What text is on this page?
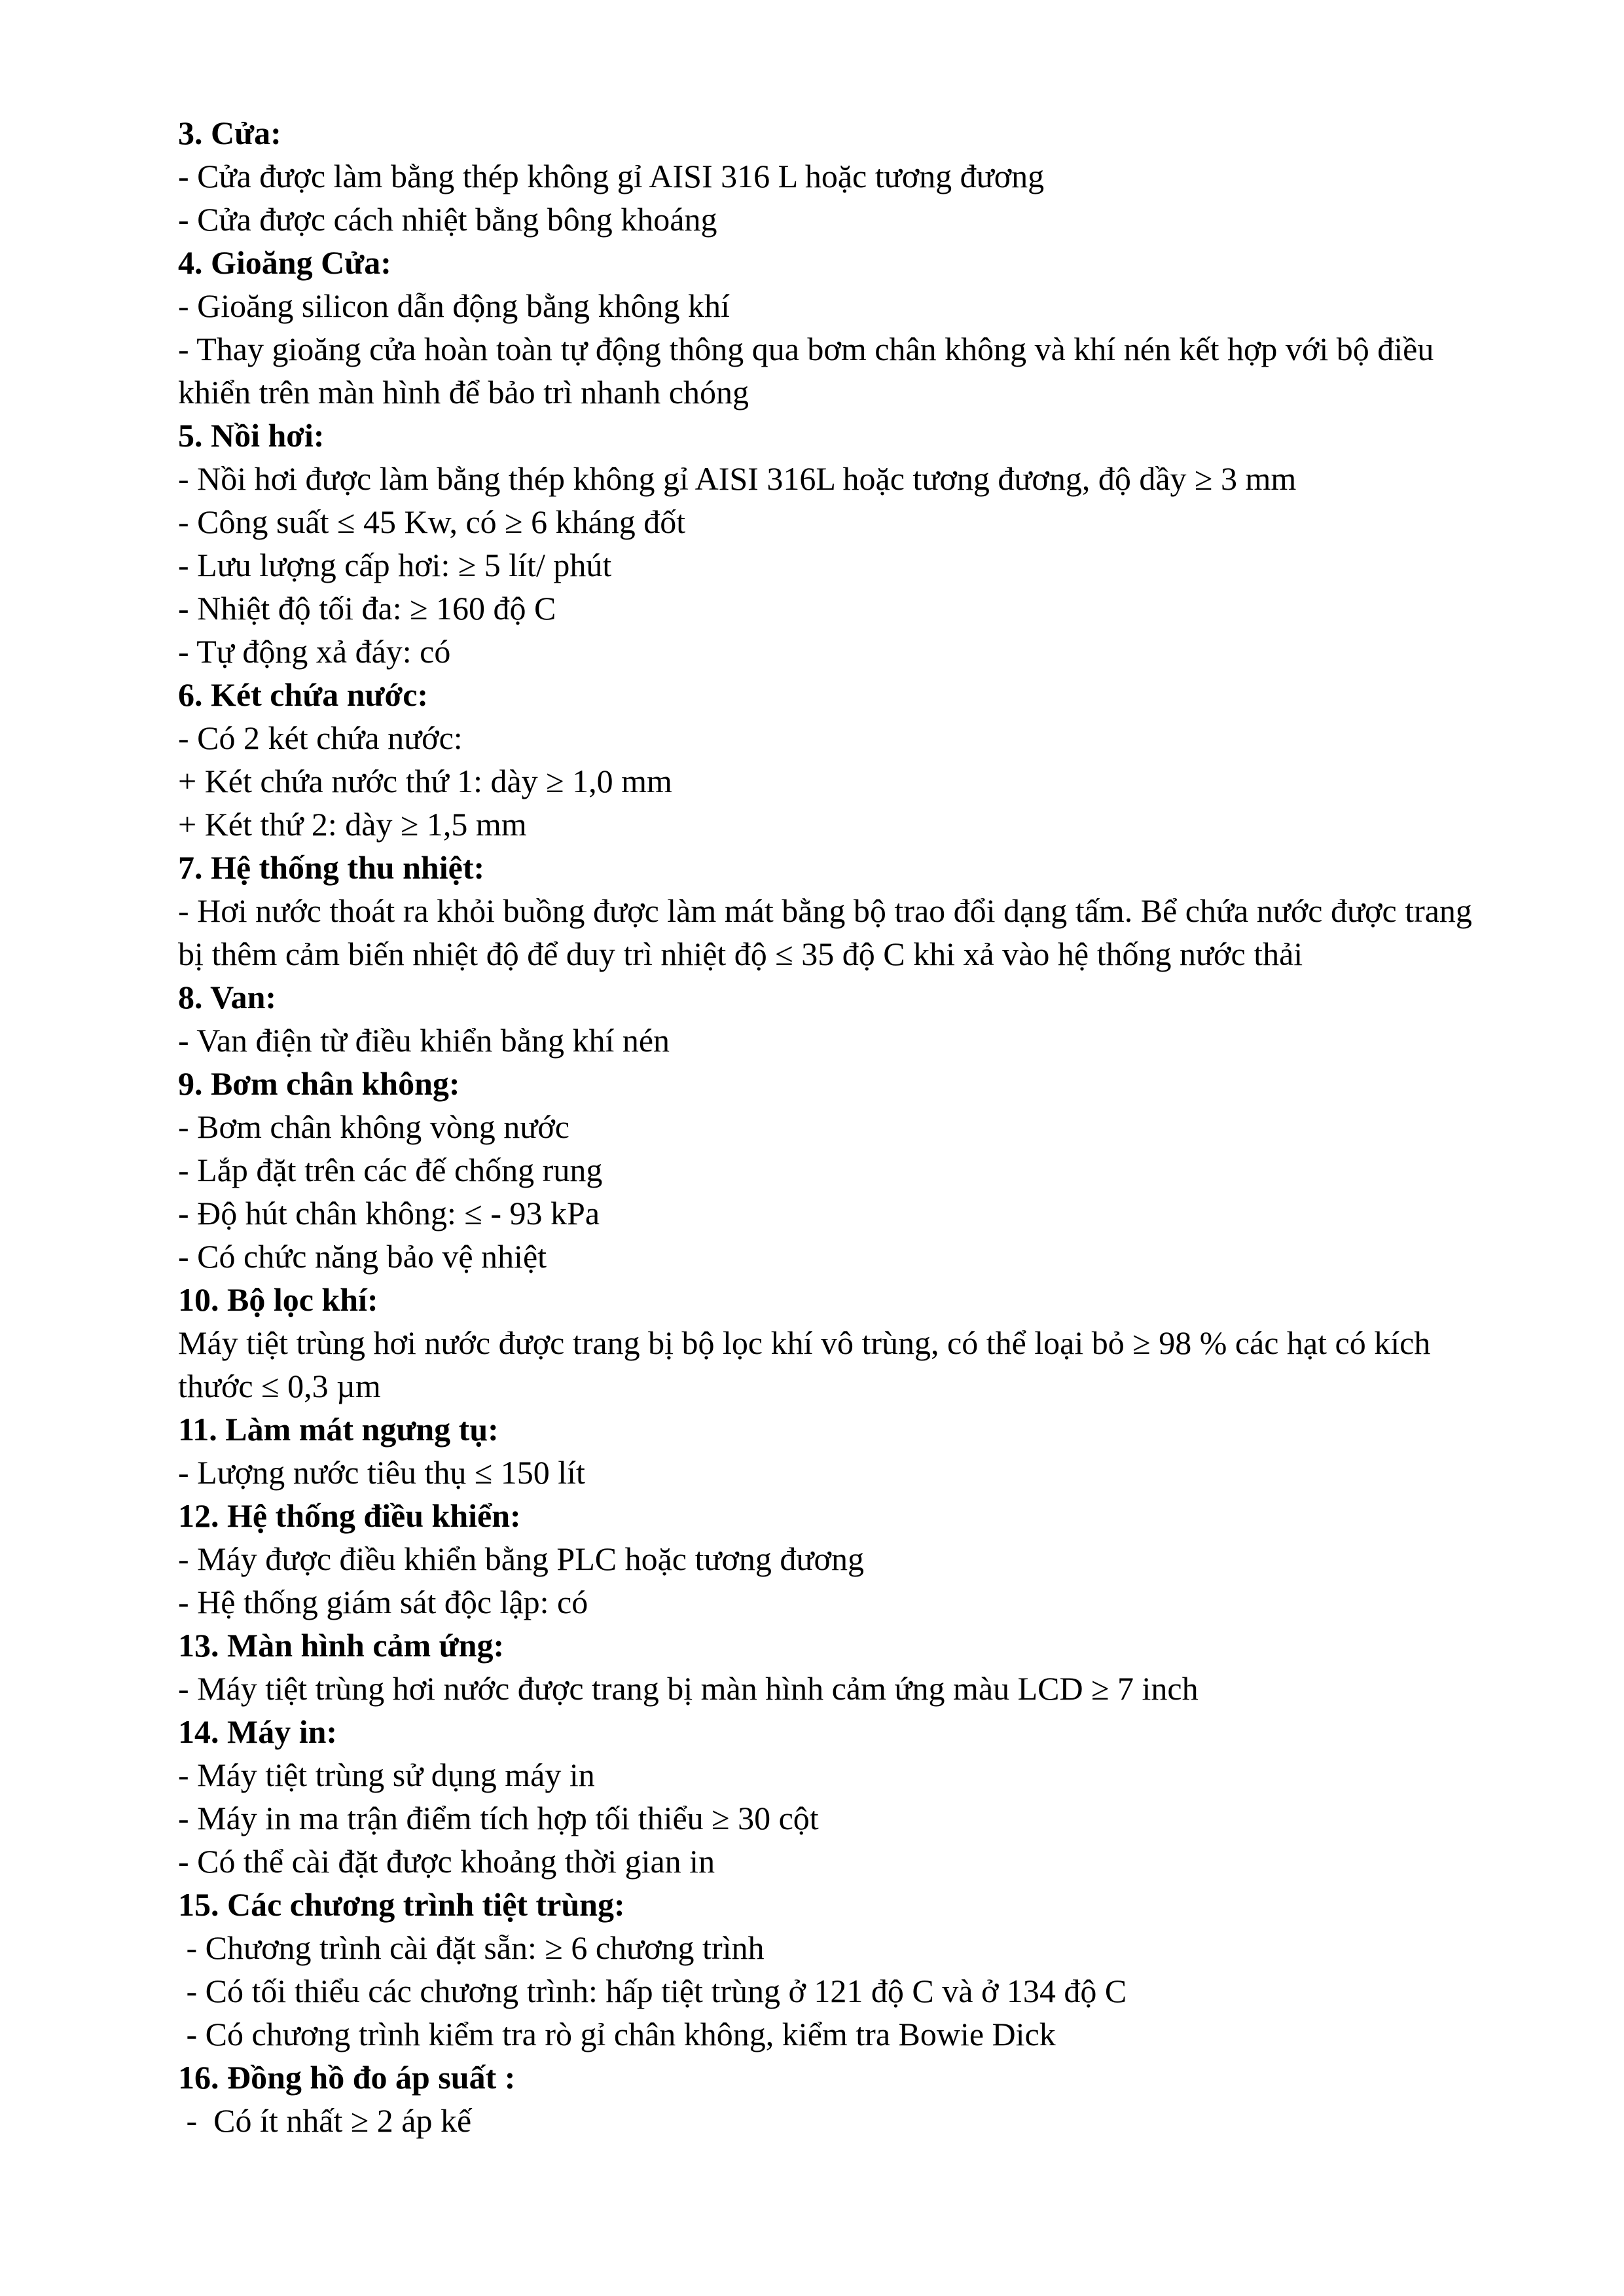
3. Cửa:
- Cửa được làm bằng thép không gỉ AISI 316 L hoặc tương đương
- Cửa được cách nhiệt bằng bông khoáng
4. Gioăng Cửa:
- Gioăng silicon dẫn động bằng không khí
- Thay gioăng cửa hoàn toàn tự động thông qua bơm chân không và khí nén kết hợp với bộ điều
khiển trên màn hình để bảo trì nhanh chóng
5. Nồi hơi:
- Nồi hơi được làm bằng thép không gỉ AISI 316L hoặc tương đương, độ dầy ≥ 3 mm
- Công suất ≤ 45 Kw, có ≥ 6 kháng đốt
- Lưu lượng cấp hơi: ≥ 5 lít/ phút
- Nhiệt độ tối đa: ≥ 160 độ C
- Tự động xả đáy: có
6. Két chứa nước:
- Có 2 két chứa nước:
+ Két chứa nước thứ 1: dày ≥ 1,0 mm
+ Két thứ 2: dày ≥ 1,5 mm
7. Hệ thống thu nhiệt:
- Hơi nước thoát ra khỏi buồng được làm mát bằng bộ trao đổi dạng tấm. Bể chứa nước được trang
bị thêm cảm biến nhiệt độ để duy trì nhiệt độ ≤ 35 độ C khi xả vào hệ thống nước thải
8. Van:
- Van điện từ điều khiển bằng khí nén
9. Bơm chân không:
- Bơm chân không vòng nước
- Lắp đặt trên các đế chống rung
- Độ hút chân không: ≤ - 93 kPa
- Có chức năng bảo vệ nhiệt
10. Bộ lọc khí:
Máy tiệt trùng hơi nước được trang bị bộ lọc khí vô trùng, có thể loại bỏ ≥ 98 % các hạt có kích
thước ≤ 0,3 µm
11. Làm mát ngưng tụ:
- Lượng nước tiêu thụ ≤ 150 lít
12. Hệ thống điều khiển:
- Máy được điều khiển bằng PLC hoặc tương đương
- Hệ thống giám sát độc lập: có
13. Màn hình cảm ứng:
- Máy tiệt trùng hơi nước được trang bị màn hình cảm ứng màu LCD ≥ 7 inch
14. Máy in:
- Máy tiệt trùng sử dụng máy in
- Máy in ma trận điểm tích hợp tối thiểu ≥ 30 cột
- Có thể cài đặt được khoảng thời gian in
15. Các chương trình tiệt trùng:
- Chương trình cài đặt sẵn: ≥ 6 chương trình
- Có tối thiểu các chương trình: hấp tiệt trùng ở 121 độ C và ở 134 độ C
- Có chương trình kiểm tra rò gỉ chân không, kiểm tra Bowie Dick
16. Đồng hồ đo áp suất :
-  Có ít nhất ≥ 2 áp kế
